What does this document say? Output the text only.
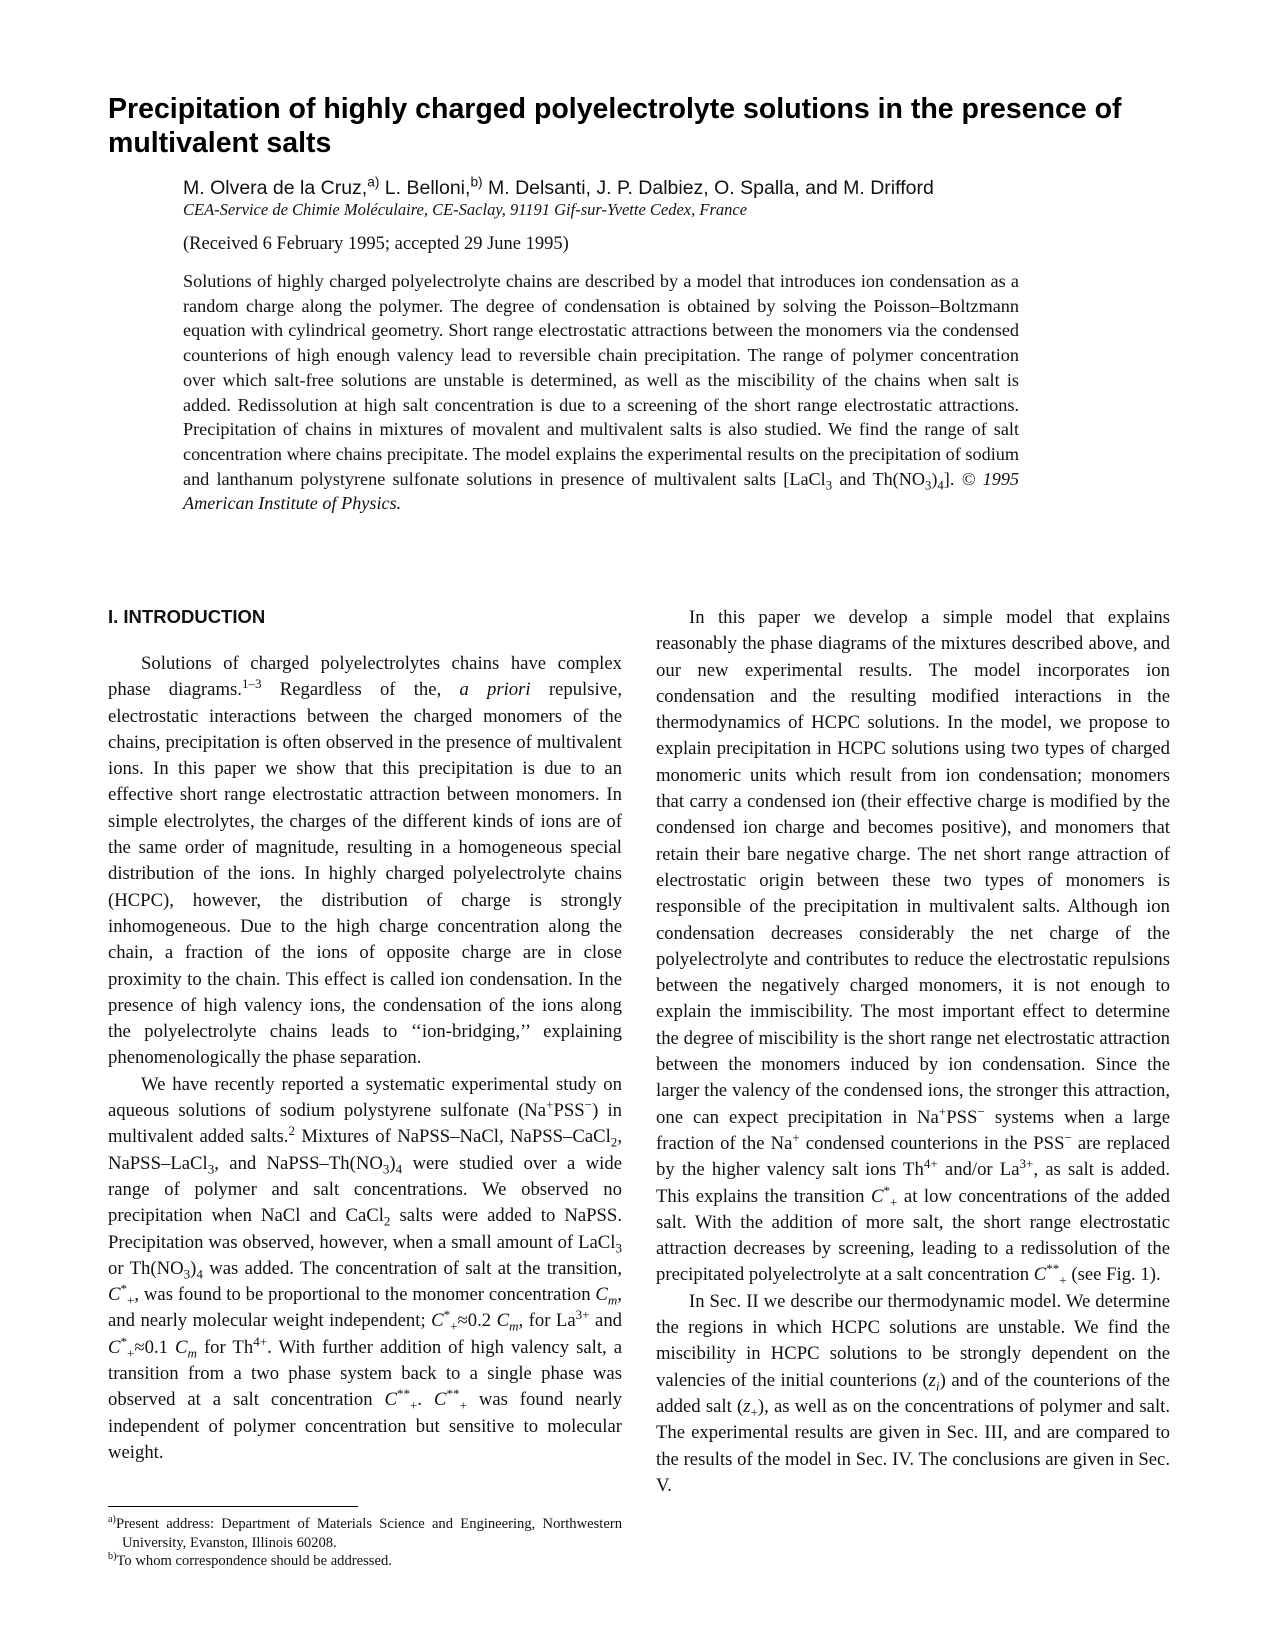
Precipitation of highly charged polyelectrolyte solutions in the presence of multivalent salts

M. Olvera de la Cruz,$^{a)}$ L. Belloni,$^{b)}$ M. Delsanti, J. P. Dalbiez, O. Spalla, and M. Drifford

CEA-Service de Chimie Moléculaire, CE-Saclay, 91191 Gif-sur-Yvette Cedex, France

(Received 6 February 1995; accepted 29 June 1995)

Solutions of highly charged polyelectrolyte chains are described by a model that introduces ion condensation as a random charge along the polymer. The degree of condensation is obtained by solving the Poisson–Boltzmann equation with cylindrical geometry. Short range electrostatic attractions between the monomers via the condensed counterions of high enough valency lead to reversible chain precipitation. The range of polymer concentration over which salt-free solutions are unstable is determined, as well as the miscibility of the chains when salt is added. Redissolution at high salt concentration is due to a screening of the short range electrostatic attractions. Precipitation of chains in mixtures of movalent and multivalent salts is also studied. We find the range of salt concentration where chains precipitate. The model explains the experimental results on the precipitation of sodium and lanthanum polystyrene sulfonate solutions in presence of multivalent salts [LaCl$_3$ and $Th(NO_3)_4$]. © 1995 American Institute of Physics.

I. INTRODUCTION

Solutions of charged polyelectrolytes chains have complex phase diagrams.$^{1-3}$ Regardless of the, a priori repulsive, electrostatic interactions between the charged monomers of the chains, precipitation is often observed in the presence of multivalent ions. In this paper we show that this precipitation is due to an effective short range electrostatic attraction between monomers. In simple electrolytes, the charges of the different kinds of ions are of the same order of magnitude, resulting in a homogeneous special distribution of the ions. In highly charged polyelectrolyte chains (HCPC), however, the distribution of charge is strongly inhomogeneous. Due to the high charge concentration along the chain, a fraction of the ions of opposite charge are in close proximity to the chain. This effect is called ion condensation. In the presence of high valency ions, the condensation of the ions along the polyelectrolyte chains leads to ‘‘ion-bridging,’’ explaining phenomenologically the phase separation.

We have recently reported a systematic experimental study on aqueous solutions of sodium polystyrene sulfonate (Na+PSS−) in multivalent added salts.$^2$ Mixtures of NaPSS–NaCl, NaPSS–CaCl$_2$, NaPSS–LaCl$_3$, and NaPSS–$Th(NO_3)_4$ were studied over a wide range of polymer and salt concentrations. We observed no precipitation when NaCl and CaCl$_2$ salts were added to NaPSS. Precipitation was observed, however, when a small amount of LaCl$_3$ or $Th(NO_3)_4$ was added. The concentration of salt at the transition, $C^*_+$, was found to be proportional to the monomer concentration $C_m$, and nearly molecular weight independent; $C^*_+\approx 0.2$ $C_m$, for $La^{3+}$ and $C^*_+\approx 0.1$ $C_m$ for $Th^{4+}$. With further addition of high valency salt, a transition from a two phase system back to a single phase was observed at a salt concentration $C^{**}_+$. $C^{**}_+$ was found nearly independent of polymer concentration but sensitive to molecular weight.

In this paper we develop a simple model that explains reasonably the phase diagrams of the mixtures described above, and our new experimental results. The model incorporates ion condensation and the resulting modified interactions in the thermodynamics of HCPC solutions. In the model, we propose to explain precipitation in HCPC solutions using two types of charged monomeric units which result from ion condensation; monomers that carry a condensed ion (their effective charge is modified by the condensed ion charge and becomes positive), and monomers that retain their bare negative charge. The net short range attraction of electrostatic origin between these two types of monomers is responsible of the precipitation in multivalent salts. Although ion condensation decreases considerably the net charge of the polyelectrolyte and contributes to reduce the electrostatic repulsions between the negatively charged monomers, it is not enough to explain the immiscibility. The most important effect to determine the degree of miscibility is the short range net electrostatic attraction between the monomers induced by ion condensation. Since the larger the valency of the condensed ions, the stronger this attraction, one can expect precipitation in Na+PSS− systems when a large fraction of the Na+ condensed counterions in the PSS− are replaced by the higher valency salt ions $Th^{4+}$ and/or $La^{3+}$, as salt is added. This explains the transition $C^*_+$ at low concentrations of the added salt. With the addition of more salt, the short range electrostatic attraction decreases by screening, leading to a redissolution of the precipitated polyelectrolyte at a salt concentration $C^{**}_+$ (see Fig. 1).

In Sec. II we describe our thermodynamic model. We determine the regions in which HCPC solutions are unstable. We find the miscibility in HCPC solutions to be strongly dependent on the valencies of the initial counterions $(z_i)$ and of the counterions of the added salt $(z_+)$, as well as on the concentrations of polymer and salt. The experimental results are given in Sec. III, and are compared to the results of the model in Sec. IV. The conclusions are given in Sec. V.

$^{a)}$Present address: Department of Materials Science and Engineering, Northwestern University, Evanston, Illinois 60208.

$^{b)}$To whom correspondence should be addressed.
